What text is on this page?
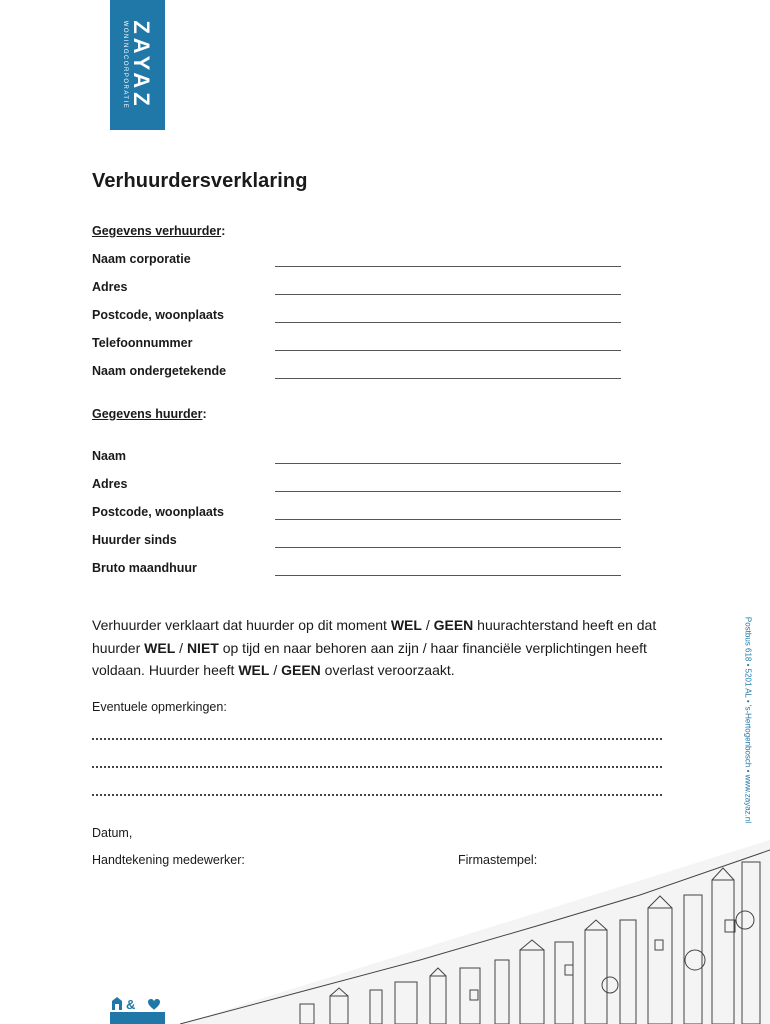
ZAYAZ
WONINGCORPORATIE
Verhuurdersverklaring
Gegevens verhuurder:
Naam corporatie
Adres
Postcode, woonplaats
Telefoonnummer
Naam ondergetekende
Gegevens huurder:
Naam
Adres
Postcode, woonplaats
Huurder sinds
Bruto maandhuur
Verhuurder verklaart dat huurder op dit moment WEL / GEEN huurachterstand heeft en dat huurder WEL / NIET op tijd en naar behoren aan zijn / haar financiële verplichtingen heeft voldaan. Huurder heeft WEL / GEEN overlast veroorzaakt.
Eventuele opmerkingen:
Datum,
Handtekening medewerker:	Firmastempel:
Postbus 618 • 5201 AL • 's-Hertogenbosch • www.zayaz.nl
&
